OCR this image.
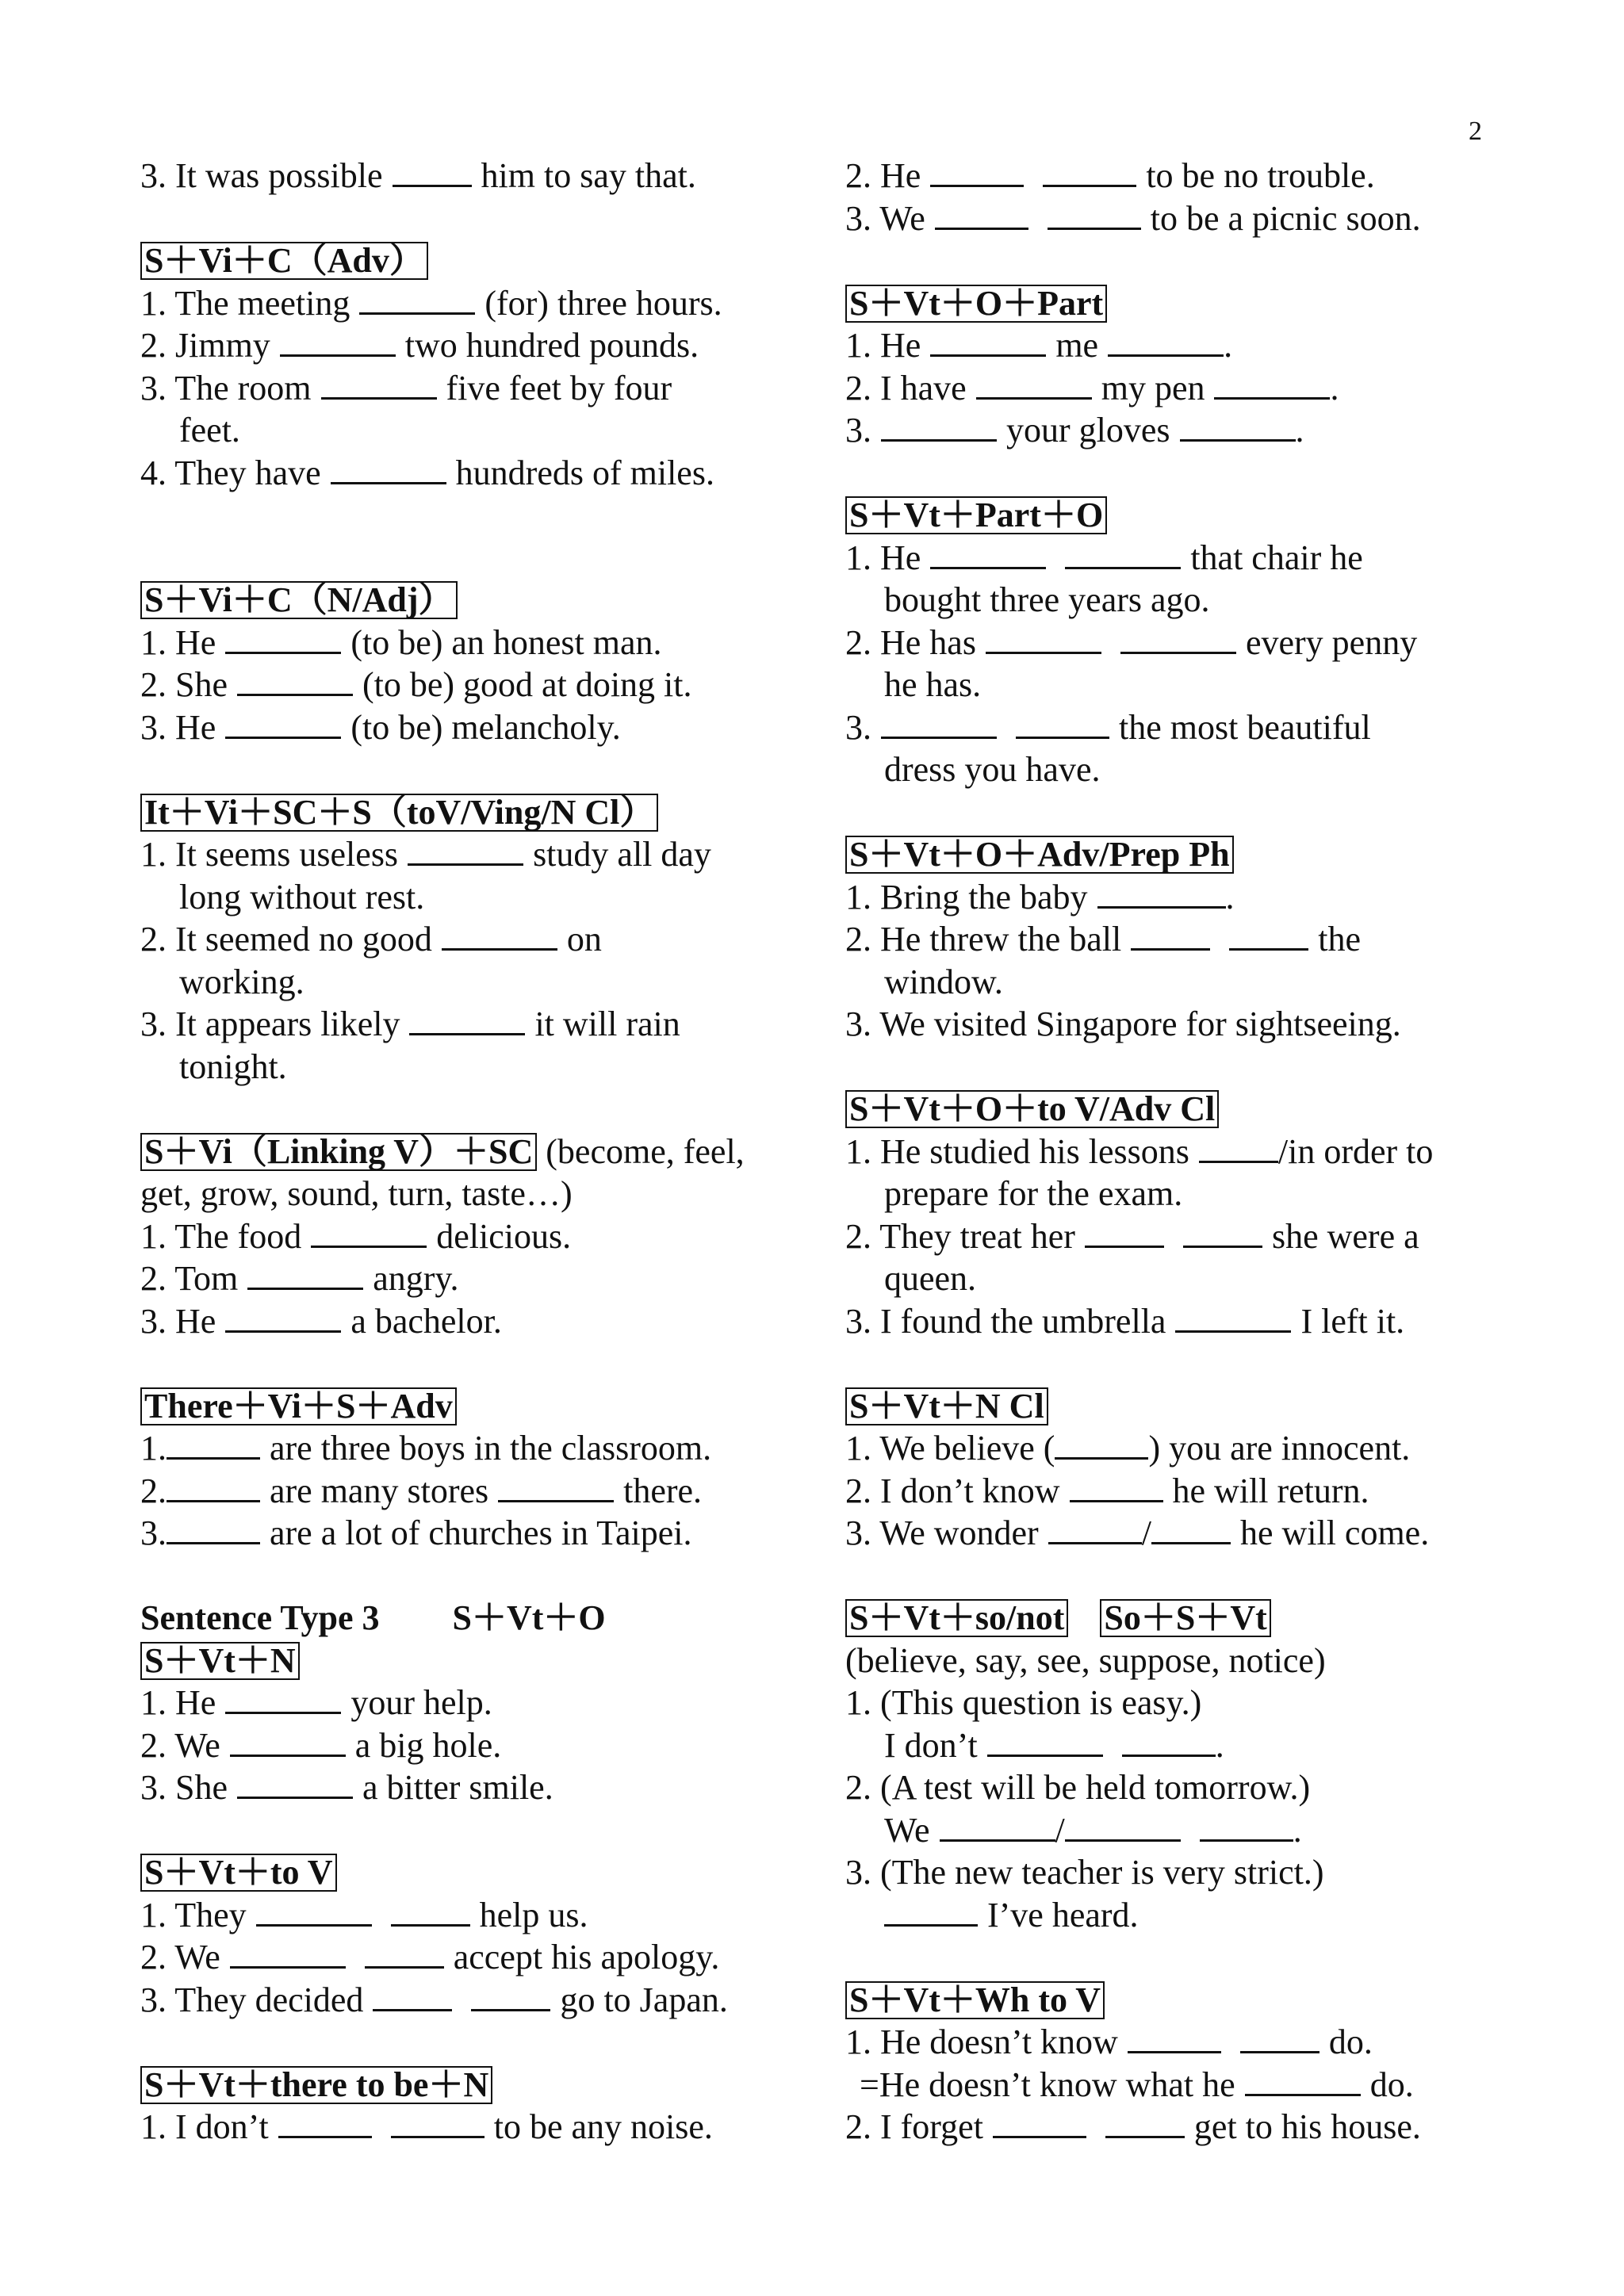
2
3. It was possible	him to say that.
S＋Vi＋C（Adv）
1. The meeting	(for) three hours.
2. Jimmy	two hundred pounds.
3. The room	five feet by four
feet.
4. They have	hundreds of miles.
S＋Vi＋C（N/Adj）
1. He	(to be) an honest man.
2. She	(to be) good at doing it.
3. He	(to be) melancholy.
It＋Vi＋SC＋S（toV/Ving/N Cl）
1. It seems useless	study all day
long without rest.
2. It seemed no good	on
working.
3. It appears likely	it will rain
tonight.
S＋Vi（Linking V）＋SC (become, feel,
get, grow, sound, turn, taste…)
1. The food	delicious.
2. Tom	angry.
3. He	a bachelor.
There＋Vi＋S＋Adv
1.	are three boys in the classroom.
2.	are many stores	there.
3.	are a lot of churches in Taipei.
Sentence Type 3 S＋Vt＋O
S＋Vt＋N
1. He	your help.
2. We	a big hole.
3. She	a bitter smile.
S＋Vt＋to V
1. They	help us.
2. We	accept his apology.
3. They decided	go to Japan.
S＋Vt＋there to be＋N
1. I don’t	to be any noise.
2. He	to be no trouble.
3. We	to be a picnic soon.
S＋Vt＋O＋Part
1. He	me	.
2. I have	my pen	.
3.	your gloves	.
S＋Vt＋Part＋O
1. He	that chair he
bought three years ago.
2. He has	every penny
he has.
3.	the most beautiful
dress you have.
S＋Vt＋O＋Adv/Prep Ph
1. Bring the baby	.
2. He threw the ball	the
window.
3. We visited Singapore for sightseeing.
S＋Vt＋O＋to V/Adv Cl
1. He studied his lessons	/in order to
prepare for the exam.
2. They treat her	she were a
queen.
3. I found the umbrella	I left it.
S＋Vt＋N Cl
1. We believe (	) you are innocent.
2. I don’t know	he will return.
3. We wonder	/	he will come.
S＋Vt＋so/not So＋S＋Vt
(believe, say, see, suppose, notice)
1. (This question is easy.)
I don’t	.
2. (A test will be held tomorrow.)
We	/	.
3. (The new teacher is very strict.)
I’ve heard.
S＋Vt＋Wh to V
1. He doesn’t know	do.
=He doesn’t know what he	do.
2. I forget	get to his house.
